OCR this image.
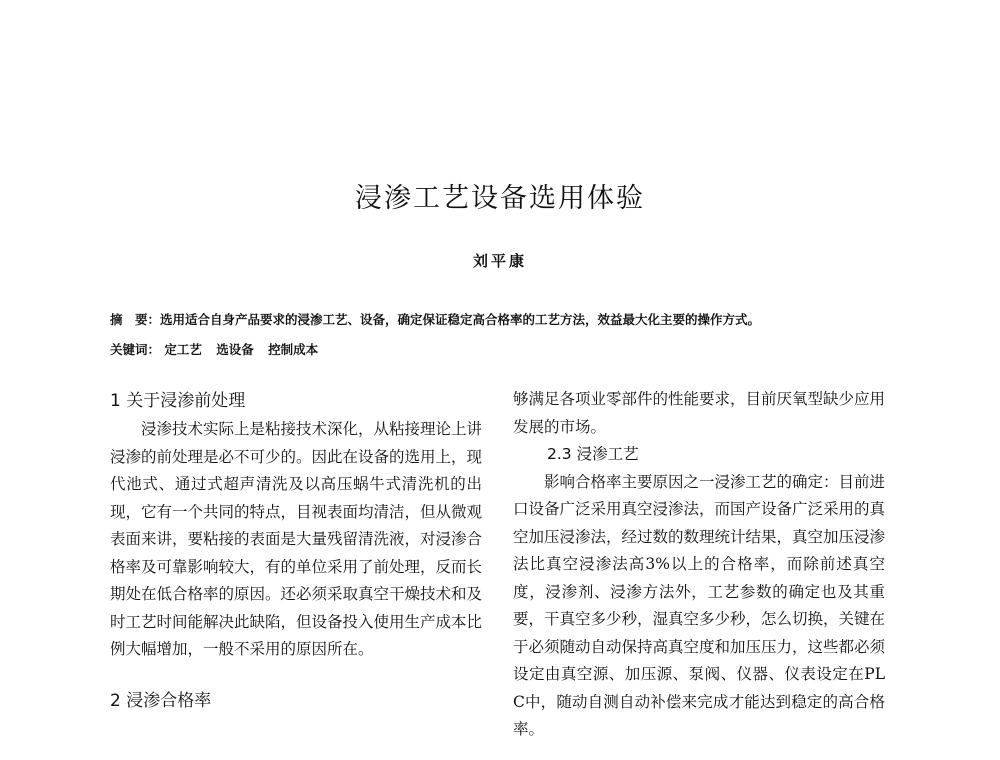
浸渗工艺设备选用体验
刘平康
摘　要：选用适合自身产品要求的浸渗工艺、设备，确定保证稳定高合格率的工艺方法，效益最大化主要的操作方式。
关键词： 定工艺 选设备 控制成本

1 关于浸渗前处理

浸渗技术实际上是粘接技术深化，从粘接理论上讲浸渗的前处理是必不可少的。因此在设备的选用上，现代池式、通过式超声清洗及以高压蜗牛式清洗机的出现，它有一个共同的特点，目视表面均清洁，但从微观表面来讲，要粘接的表面是大量残留清洗液，对浸渗合格率及可靠影响较大，有的单位采用了前处理，反而长期处在低合格率的原因。还必须采取真空干燥技术和及时工艺时间能解决此缺陷，但设备投入使用生产成本比例大幅增加，一般不采用的原因所在。

2 浸渗合格率

够满足各项业零部件的性能要求，目前厌氧型缺少应用发展的市场。

2.3 浸渗工艺

影响合格率主要原因之一浸渗工艺的确定：目前进口设备广泛采用真空浸渗法，而国产设备广泛采用的真空加压浸渗法，经过数的数理统计结果，真空加压浸渗法比真空浸渗法高3%以上的合格率，而除前述真空度，浸渗剂、浸渗方法外，工艺参数的确定也及其重要，干真空多少秒，湿真空多少秒，怎么切换，关键在于必须随动自动保持高真空度和加压压力，这些都必须设定由真空源、加压源、泵阀、仪器、仪表设定在PLC中，随动自测自动补偿来完成才能达到稳定的高合格率。
